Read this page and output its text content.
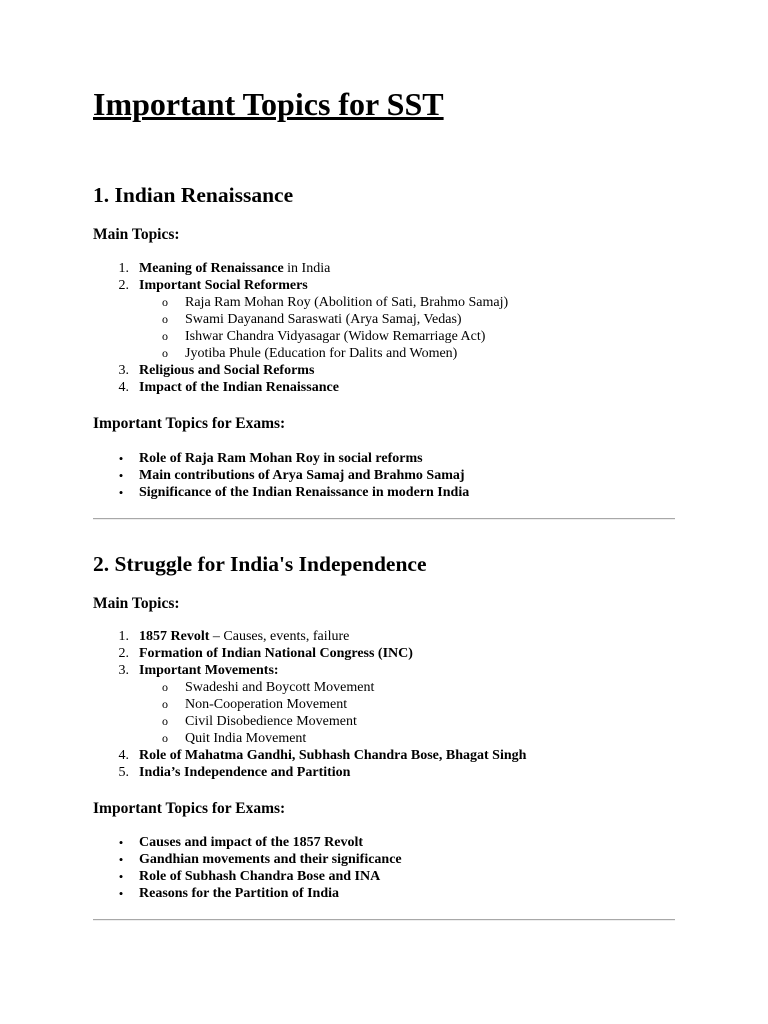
Important Topics for SST
1. Indian Renaissance
Main Topics:
1. Meaning of Renaissance in India
2. Important Social Reformers
o Raja Ram Mohan Roy (Abolition of Sati, Brahmo Samaj)
o Swami Dayanand Saraswati (Arya Samaj, Vedas)
o Ishwar Chandra Vidyasagar (Widow Remarriage Act)
o Jyotiba Phule (Education for Dalits and Women)
3. Religious and Social Reforms
4. Impact of the Indian Renaissance
Important Topics for Exams:
•	Role of Raja Ram Mohan Roy in social reforms
•	Main contributions of Arya Samaj and Brahmo Samaj
•	Significance of the Indian Renaissance in modern India
2. Struggle for India's Independence
Main Topics:
1. 1857 Revolt – Causes, events, failure
2. Formation of Indian National Congress (INC)
3. Important Movements:
o Swadeshi and Boycott Movement
o Non-Cooperation Movement
o Civil Disobedience Movement
o Quit India Movement
4. Role of Mahatma Gandhi, Subhash Chandra Bose, Bhagat Singh
5. India’s Independence and Partition
Important Topics for Exams:
•	Causes and impact of the 1857 Revolt
•	Gandhian movements and their significance
•	Role of Subhash Chandra Bose and INA
•	Reasons for the Partition of India
